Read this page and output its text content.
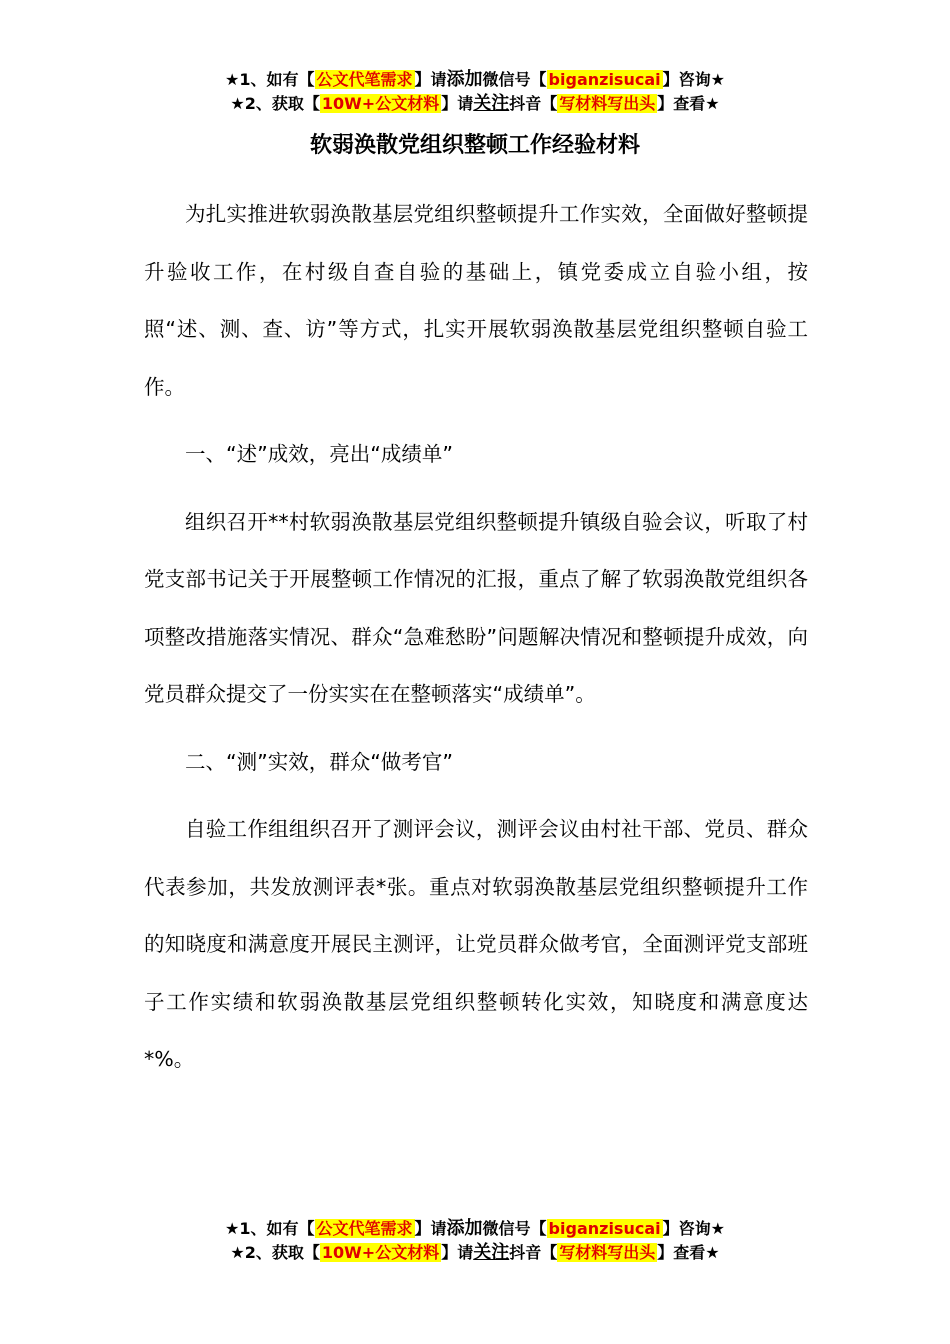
★1、如有【 公文代笔需求 】请添加微信号【 biganzisucai 】咨询★
★2、获取【 10W+公文材料 】请关注抖音【 写材料写出头 】查看★
软弱涣散党组织整顿工作经验材料

为扎实推进软弱涣散基层党组织整顿提升工作实效，全面做好整顿提升验收工作，在村级自查自验的基础上，镇党委成立自验小组，按照“述、测、查、访”等方式，扎实开展软弱涣散基层党组织整顿自验工作。

一、“述”成效，亮出“成绩单”

组织召开**村软弱涣散基层党组织整顿提升镇级自验会议，听取了村党支部书记关于开展整顿工作情况的汇报，重点了解了软弱涣散党组织各项整改措施落实情况、群众“急难愁盼”问题解决情况和整顿提升成效，向党员群众提交了一份实实在在整顿落实“成绩单”。

二、“测”实效，群众“做考官”

自验工作组组织召开了测评会议，测评会议由村社干部、党员、群众代表参加，共发放测评表*张。重点对软弱涣散基层党组织整顿提升工作的知晓度和满意度开展民主测评，让党员群众做考官，全面测评党支部班子工作实绩和软弱涣散基层党组织整顿转化实效，知晓度和满意度达*%。

★1、如有【 公文代笔需求 】请添加微信号【 biganzisucai 】咨询★
★2、获取【 10W+公文材料 】请关注抖音【 写材料写出头 】查看★
